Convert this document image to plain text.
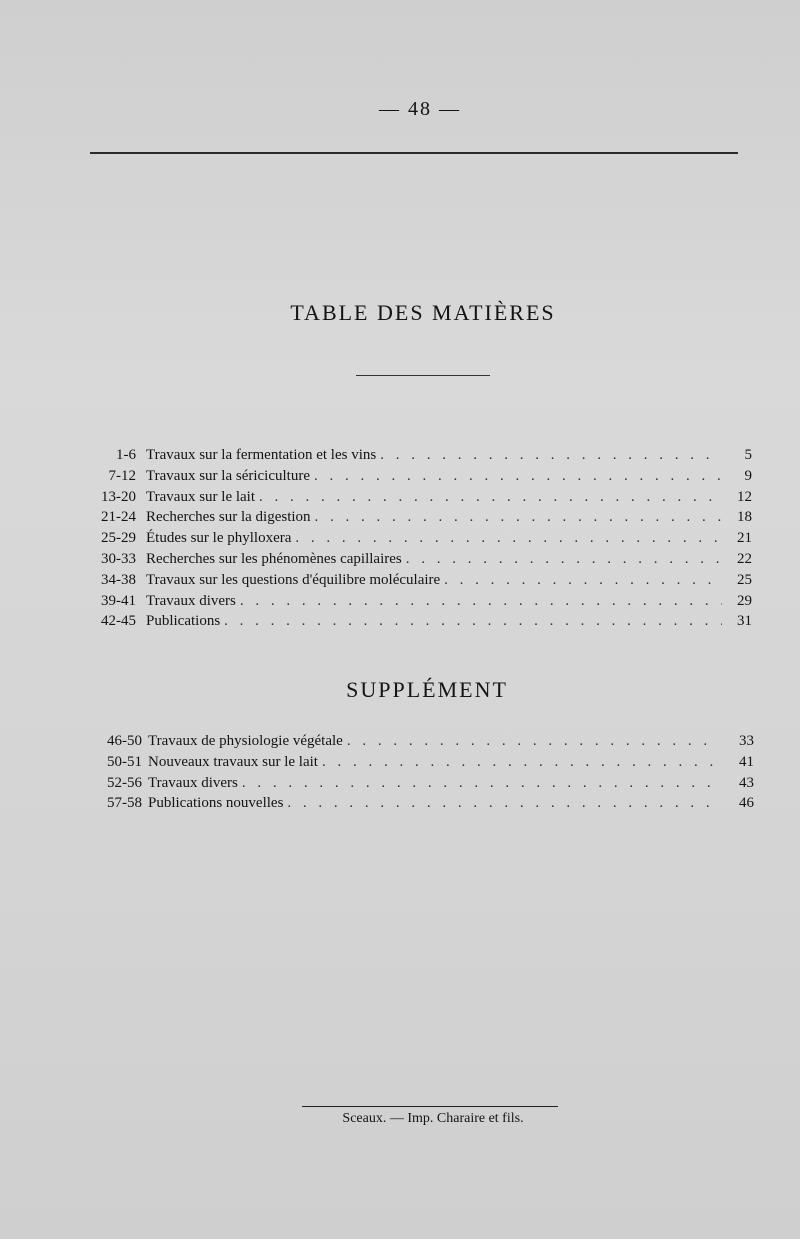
— 48 —
TABLE DES MATIÈRES
1-6 Travaux sur la fermentation et les vins . . .	5
7-12 Travaux sur la sériciculture . . .	9
13-20 Travaux sur le lait . . .	12
21-24 Recherches sur la digestion . . .	18
25-29 Études sur le phylloxera . . .	21
30-33 Recherches sur les phénomènes capillaires . . .	22
34-38 Travaux sur les questions d'équilibre moléculaire . . .	25
39-41 Travaux divers . . .	29
42-45 Publications . . .	31
SUPPLÉMENT
46-50 Travaux de physiologie végétale . . .	33
50-51 Nouveaux travaux sur le lait . . .	41
52-56 Travaux divers . . .	43
57-58 Publications nouvelles . . .	46
Sceaux. — Imp. Charaire et fils.
